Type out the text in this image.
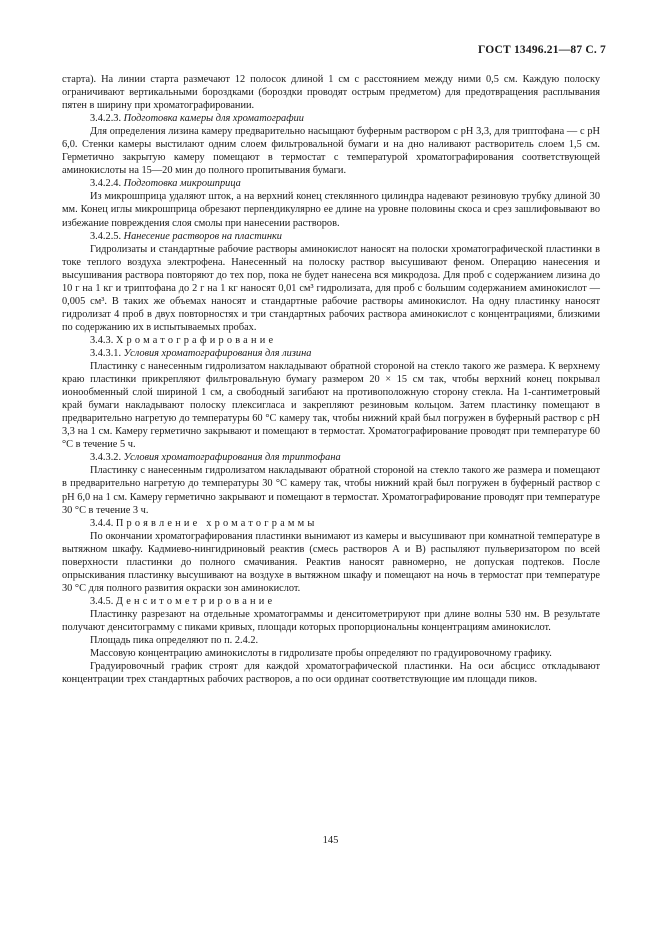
ГОСТ 13496.21—87 С. 7

старта). На линии старта размечают 12 полосок длиной 1 см с расстоянием между ними 0,5 см. Каждую полоску ограничивают вертикальными бороздками (бороздки проводят острым предметом) для предотвращения расплывания пятен в ширину при хроматографировании.

3.4.2.3. Подготовка камеры для хроматографии

Для определения лизина камеру предварительно насыщают буферным раствором с pH 3,3, для триптофана — с pH 6,0. Стенки камеры выстилают одним слоем фильтровальной бумаги и на дно наливают растворитель слоем 1,5 см. Герметично закрытую камеру помещают в термостат с температурой хроматографирования соответствующей аминокислоты на 15—20 мин до полного пропитывания бумаги.

3.4.2.4. Подготовка микрошприца

Из микрошприца удаляют шток, а на верхний конец стеклянного цилиндра надевают резиновую трубку длиной 30 мм. Конец иглы микрошприца обрезают перпендикулярно ее длине на уровне половины скоса и срез зашлифовывают во избежание повреждения слоя смолы при нанесении растворов.

3.4.2.5. Нанесение растворов на пластинки

Гидролизаты и стандартные рабочие растворы аминокислот наносят на полоски хроматографической пластинки в токе теплого воздуха электрофена. Нанесенный на полоску раствор высушивают феном. Операцию нанесения и высушивания раствора повторяют до тех пор, пока не будет нанесена вся микродоза. Для проб с содержанием лизина до 10 г на 1 кг и триптофана до 2 г на 1 кг наносят 0,01 см³ гидролизата, для проб с большим содержанием аминокислот — 0,005 см³. В таких же объемах наносят и стандартные рабочие растворы аминокислот. На одну пластинку наносят гидролизат 4 проб в двух повторностях и три стандартных рабочих раствора аминокислот с концентрациями, близкими по содержанию их в испытываемых пробах.

3.4.3. Хроматографирование

3.4.3.1. Условия хроматографирования для лизина

Пластинку с нанесенным гидролизатом накладывают обратной стороной на стекло такого же размера. К верхнему краю пластинки прикрепляют фильтровальную бумагу размером 20 × 15 см так, чтобы верхний конец покрывал ионообменный слой шириной 1 см, а свободный загибают на противоположную сторону стекла. На 1-сантиметровый край бумаги накладывают полоску плексигласа и закрепляют резиновым кольцом. Затем пластинку помещают в предварительно нагретую до температуры 60 °С камеру так, чтобы нижний край был погружен в буферный раствор с pH 3,3 на 1 см. Камеру герметично закрывают и помещают в термостат. Хроматографирование проводят при температуре 60 °С в течение 5 ч.

3.4.3.2. Условия хроматографирования для триптофана

Пластинку с нанесенным гидролизатом накладывают обратной стороной на стекло такого же размера и помещают в предварительно нагретую до температуры 30 °С камеру так, чтобы нижний край был погружен в буферный раствор с pH 6,0 на 1 см. Камеру герметично закрывают и помещают в термостат. Хроматографирование проводят при температуре 30 °С в течение 3 ч.

3.4.4. Проявление хроматограммы

По окончании хроматографирования пластинки вынимают из камеры и высушивают при комнатной температуре в вытяжном шкафу. Кадмиево-нингидриновый реактив (смесь растворов А и В) распыляют пульверизатором по всей поверхности пластинки до полного смачивания. Реактив наносят равномерно, не допуская подтеков. После опрыскивания пластинку высушивают на воздухе в вытяжном шкафу и помещают на ночь в термостат при температуре 30 °С для полного развития окраски зон аминокислот.

3.4.5. Денситометрирование

Пластинку разрезают на отдельные хроматограммы и денситометрируют при длине волны 530 нм. В результате получают денситограмму с пиками кривых, площади которых пропорциональны концентрациям аминокислот.

Площадь пика определяют по п. 2.4.2.

Массовую концентрацию аминокислоты в гидролизате пробы определяют по градуировочному графику.

Градуировочный график строят для каждой хроматографической пластинки. На оси абсцисс откладывают концентрации трех стандартных рабочих растворов, а по оси ординат соответствующие им площади пиков.

145
